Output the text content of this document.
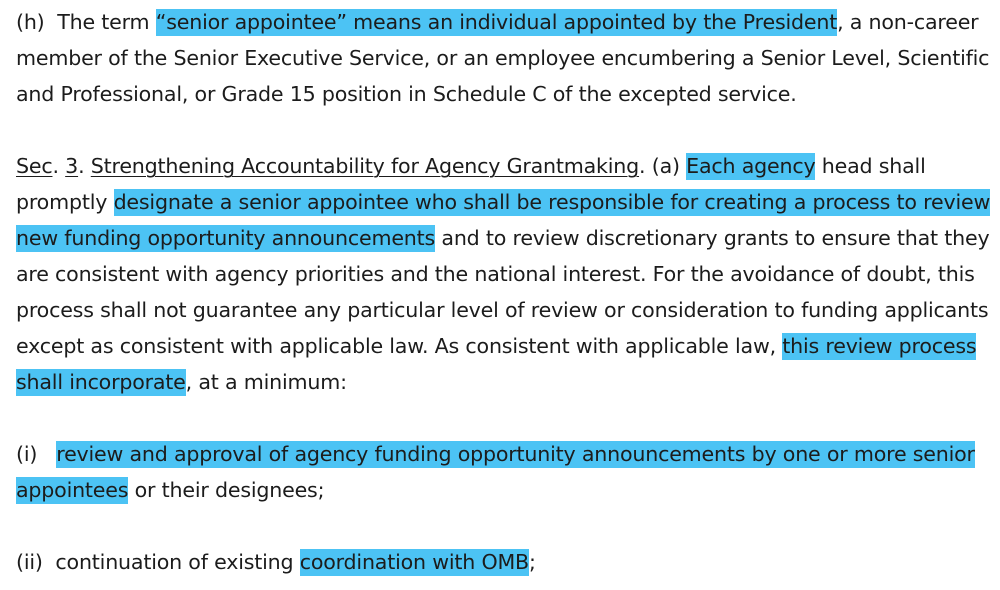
(h) The term “senior appointee” means an individual appointed by the President, a non-career member of the Senior Executive Service, or an employee encumbering a Senior Level, Scientific and Professional, or Grade 15 position in Schedule C of the excepted service.

Sec. 3. Strengthening Accountability for Agency Grantmaking. (a) Each agency head shall promptly designate a senior appointee who shall be responsible for creating a process to review new funding opportunity announcements and to review discretionary grants to ensure that they are consistent with agency priorities and the national interest. For the avoidance of doubt, this process shall not guarantee any particular level of review or consideration to funding applicants except as consistent with applicable law. As consistent with applicable law, this review process shall incorporate, at a minimum:

(i) review and approval of agency funding opportunity announcements by one or more senior appointees or their designees;

(ii) continuation of existing coordination with OMB;
